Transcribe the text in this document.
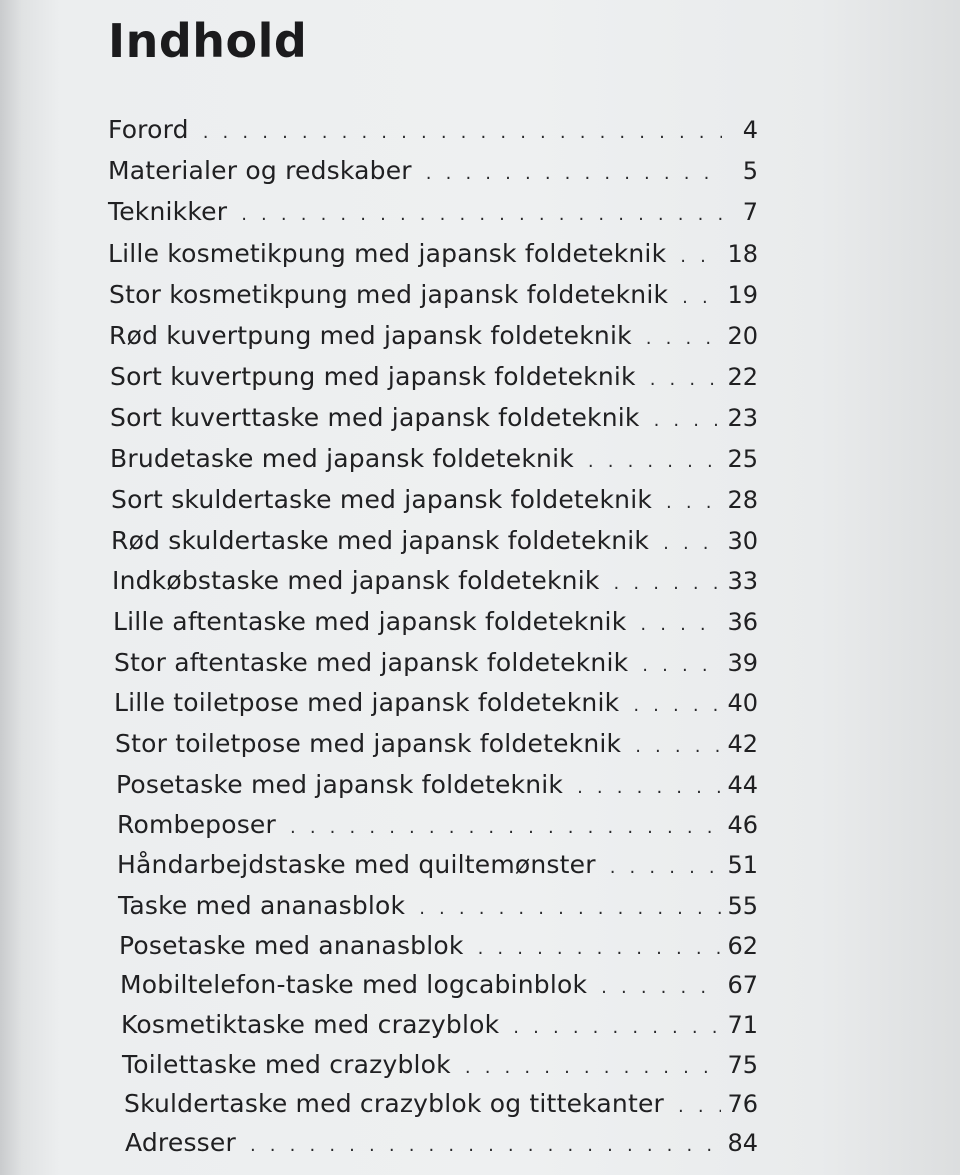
Indhold
Forord . . .	4
Materialer og redskaber . . .	5
Teknikker . . .	7
Lille kosmetikpung med japansk foldeteknik . . .	18
Stor kosmetikpung med japansk foldeteknik . . . 19
Rød kuvertpung med japansk foldeteknik . . .	20
Sort kuvertpung med japansk foldeteknik . . .	22
Sort kuverttaske med japansk foldeteknik . . .	23
Brudetaske med japansk foldeteknik . . .	25
Sort skuldertaske med japansk foldeteknik . . .	28
Rød skuldertaske med japansk foldeteknik . . .	30
Indkøbstaske med japansk foldeteknik . . .	33
Lille aftentaske med japansk foldeteknik . . .	36
Stor aftentaske med japansk foldeteknik . . .	39
Lille toiletpose med japansk foldeteknik . . .	40
Stor toiletpose med japansk foldeteknik . . .	42
Posetaske med japansk foldeteknik . . .	44
Rombeposer . . .	46
Håndarbejdstaske med quiltemønster . . .	51
Taske med ananasblok . . .	55
Posetaske med ananasblok . . .	62
Mobiltelefon-taske med logcabinblok . . .	67
Kosmetiktaske med crazyblok . . .	71
Toilettaske med crazyblok . . .	75
Skuldertaske med crazyblok og tittekanter . . .	76
Adresser . . .	84
